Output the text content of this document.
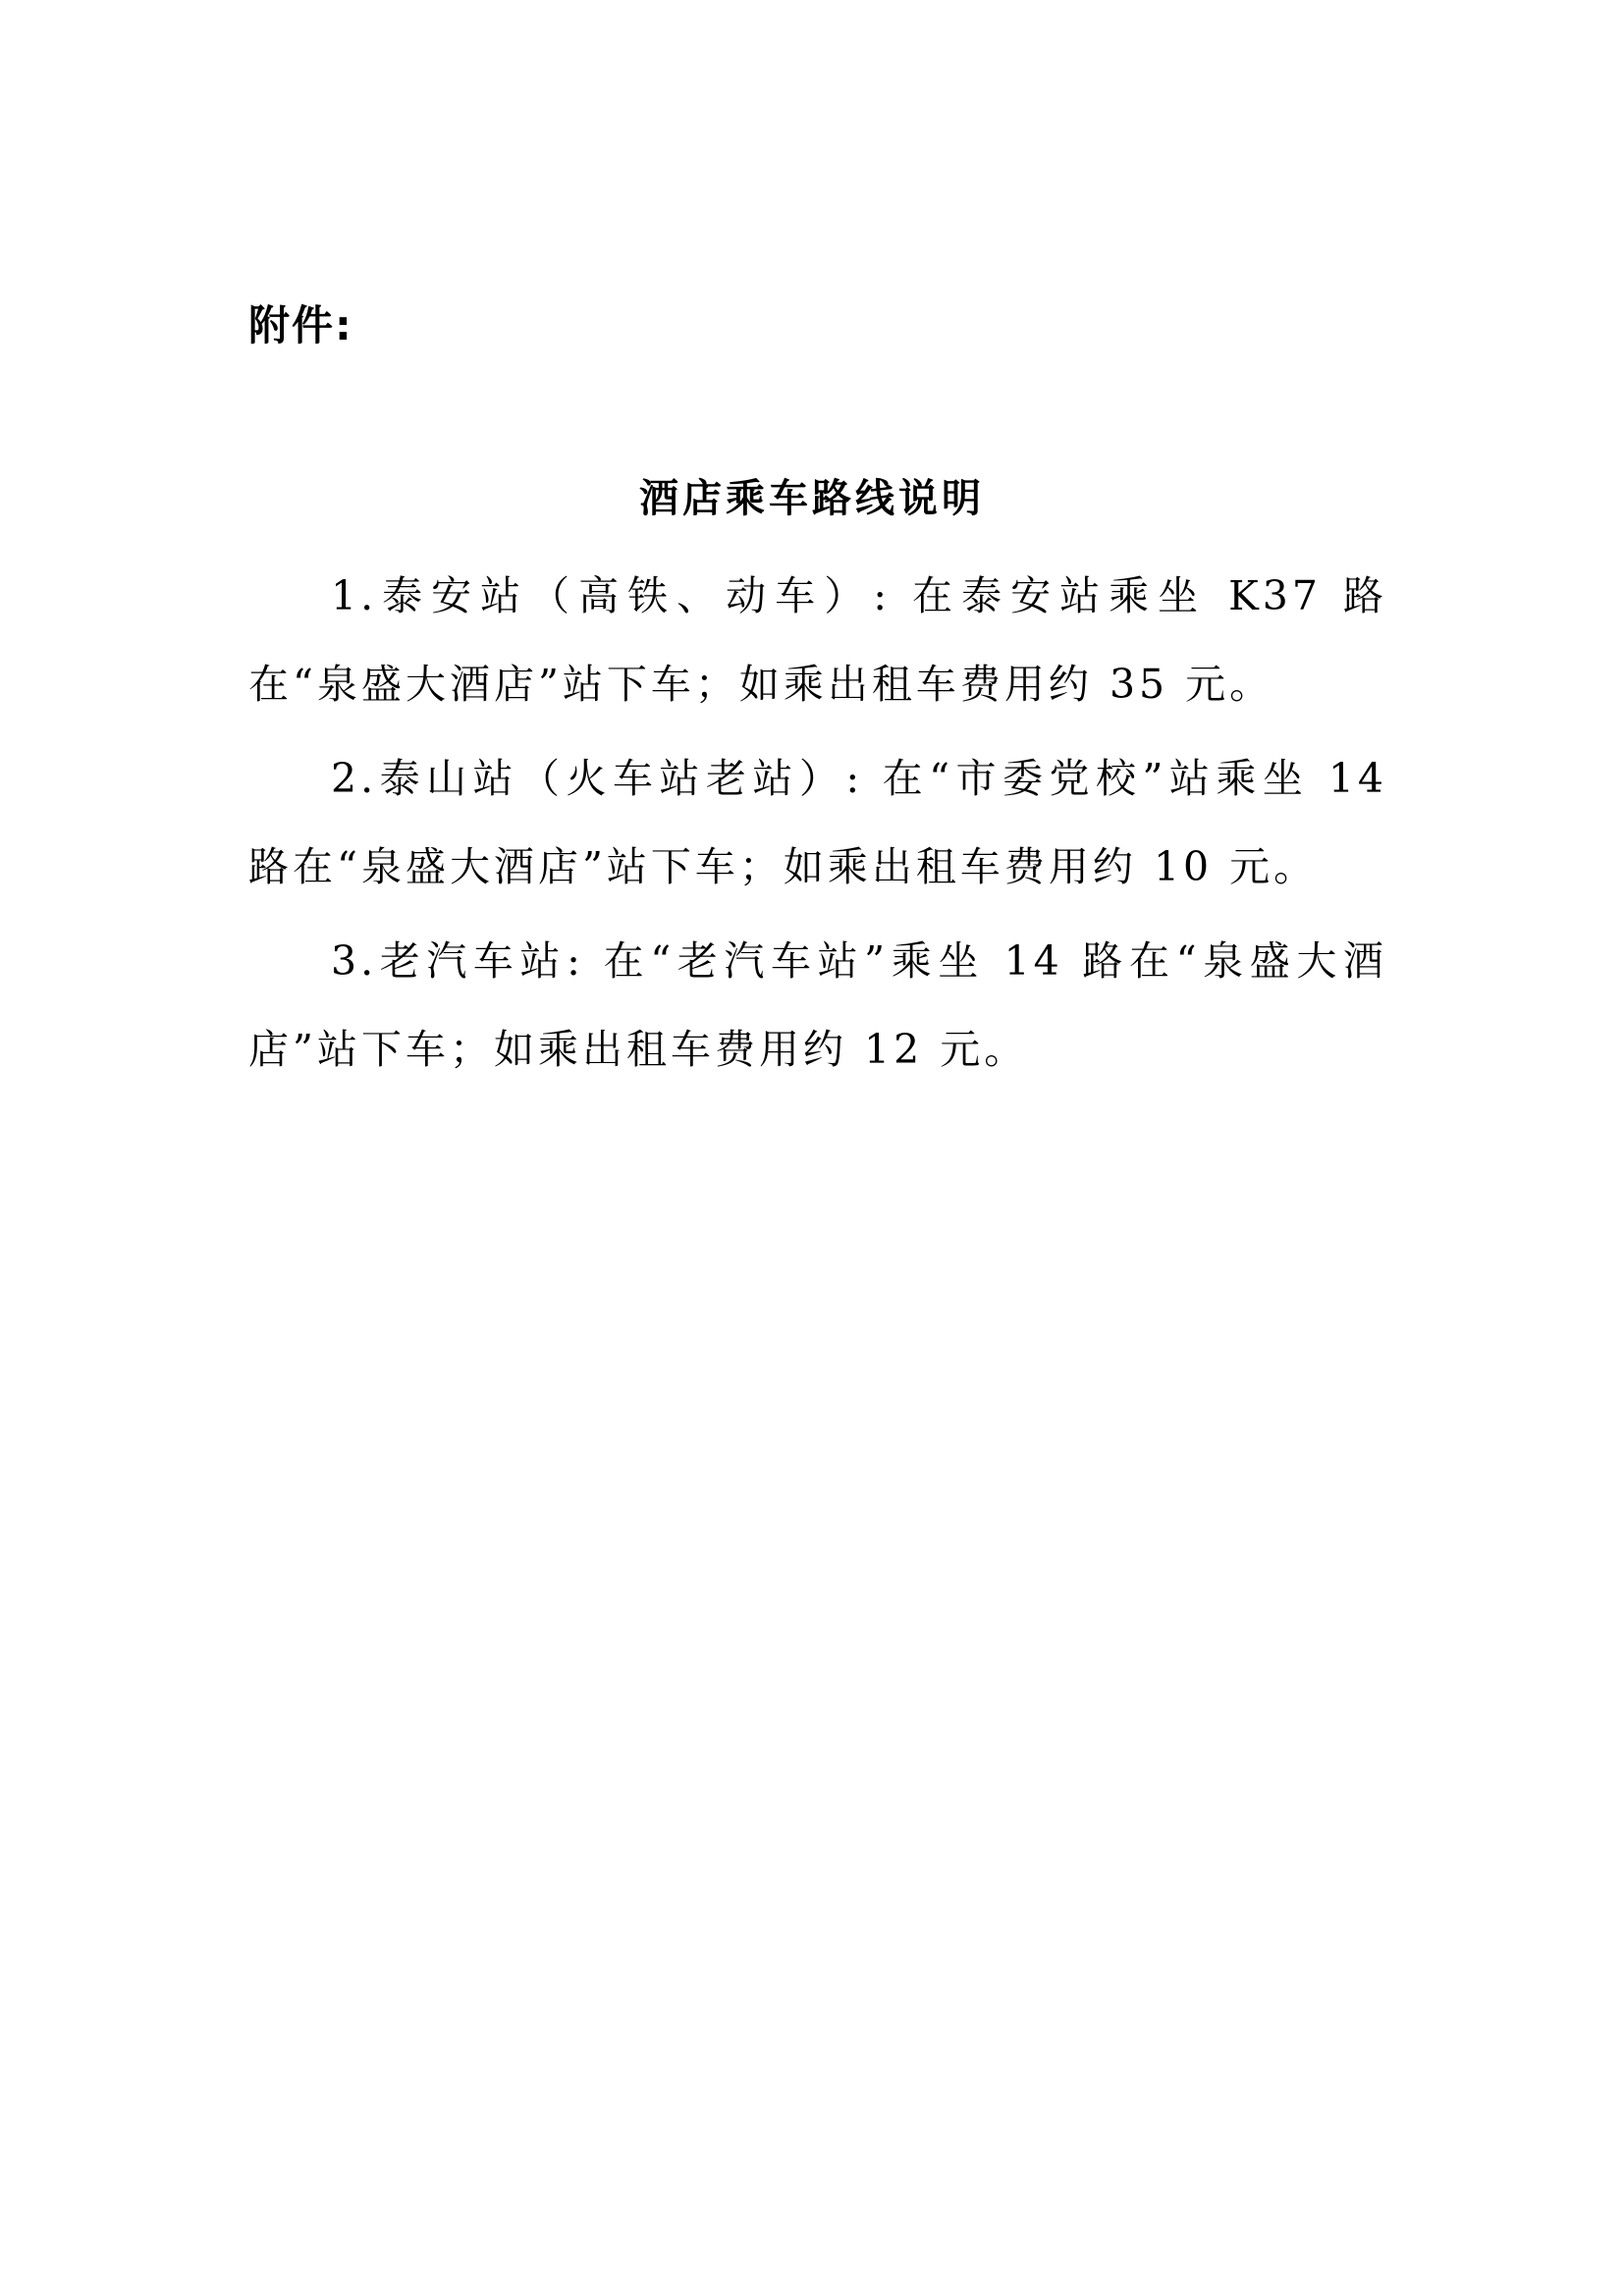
附件:
酒店乘车路线说明

1.泰安站（高铁、动车）: 在泰安站乘坐 K37 路在“泉盛大酒店”站下车；如乘出租车费用约 35 元。

2.泰山站（火车站老站）: 在“市委党校”站乘坐 14 路在“泉盛大酒店”站下车；如乘出租车费用约 10 元。

3.老汽车站: 在“老汽车站”乘坐 14 路在“泉盛大酒店”站下车；如乘出租车费用约 12 元。
